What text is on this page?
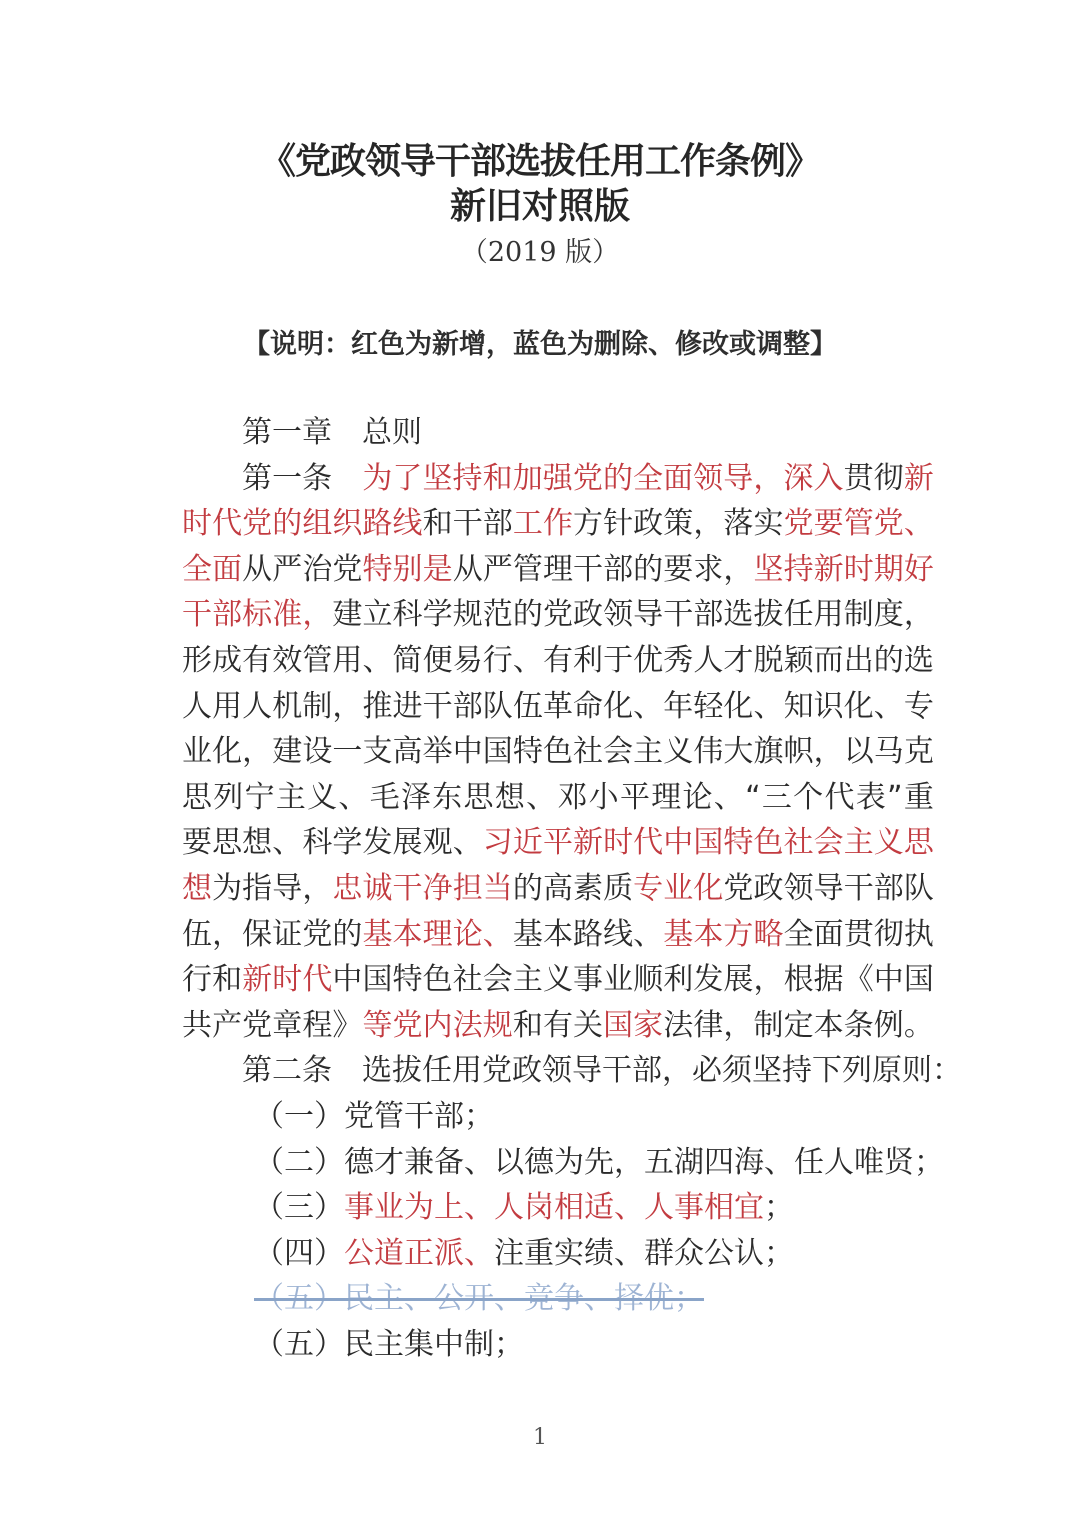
《党政领导干部选拔任用工作条例》
新旧对照版
（2019 版）
【说明：红色为新增，蓝色为删除、修改或调整】
第一章　总则
第 一 条
　 为 了 坚 持 和 加 强 党 的 全 面 领 导 ， 深 入 贯 彻 新
时 代 党 的 组 织 路 线 和 干 部 工 作 方 针 政 策 ， 落 实 党 要 管 党 、
全 面 从 严 治 党 特 别 是 从 严 管 理 干 部 的 要 求 ， 坚 持 新 时 期 好
干 部 标 准 ， 建 立 科 学 规 范 的 党 政 领 导 干 部 选 拔 任 用 制 度 ，
形 成 有 效 管 用 、 简 便 易 行 、 有 利 于 优 秀 人 才 脱 颖 而 出 的 选
人 用 人 机 制 ， 推 进 干 部 队 伍 革 命 化 、 年 轻 化 、 知 识 化 、 专
业 化 ， 建 设 一 支 高 举 中 国 特 色 社 会 主 义 伟 大 旗 帜 ， 以 马 克
思 列 宁 主 义 、 毛 泽 东 思 想 、 邓 小 平 理 论 、 “ 三 个 代 表 ” 重
要 思 想 、 科 学 发 展 观 、 习 近 平 新 时 代 中 国 特 色 社 会 主 义 思
想 为 指 导 ， 忠 诚 干 净 担 当 的 高 素 质 专 业 化 党 政 领 导 干 部 队
伍 ， 保 证 党 的 基 本 理 论 、 基 本 路 线 、 基 本 方 略 全 面 贯 彻 执
行 和 新 时 代 中 国 特 色 社 会 主 义 事 业 顺 利 发 展 ， 根 据 《 中 国
共 产 党 章 程 》 等 党 内 法 规 和 有 关 国 家 法 律 ， 制 定 本 条 例 。
第二条　选拔任用党政领导干部，必须坚持下列原则：
（一）党管干部；
（二）德才兼备、以德为先，五湖四海、任人唯贤；
（三） 事业为上、人岗相适、人事相宜 ；
（四） 公道正派、 注重实绩、群众公认；
（五）民主、公开、竞争、择优；
（五）民主集中制；
1
